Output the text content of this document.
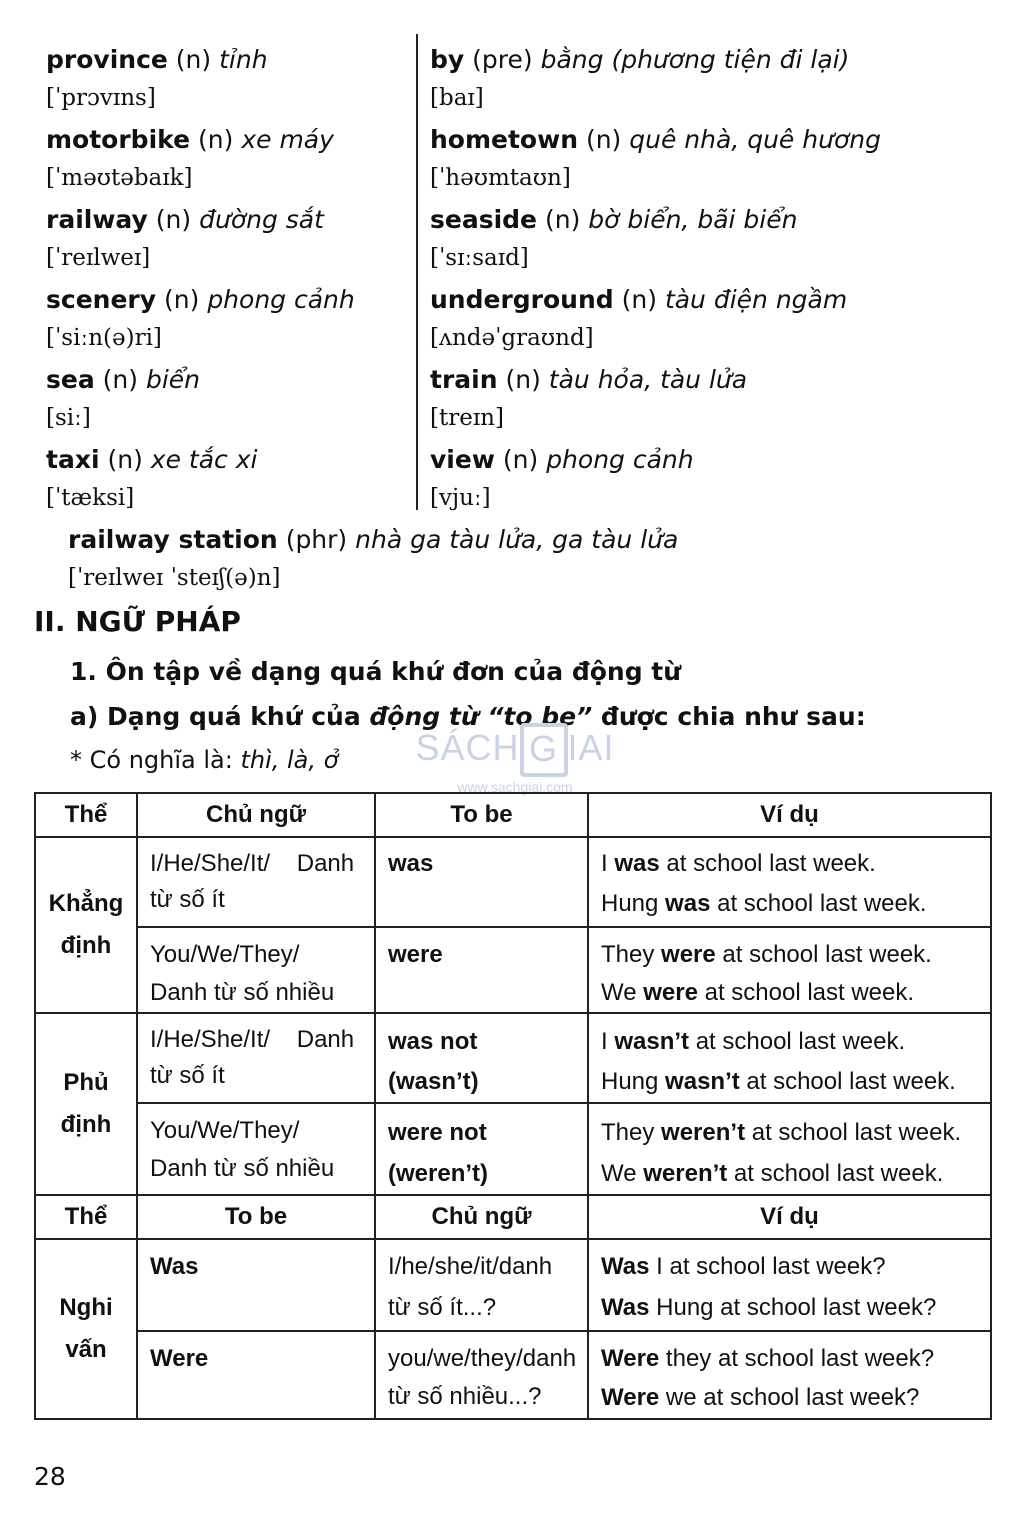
province (n) tỉnh
[ˈprɔvɪns]
motorbike (n) xe máy
[ˈməʊtəbaɪk]
railway (n) đường sắt
[ˈreɪlweɪ]
scenery (n) phong cảnh
[ˈsiːn(ə)ri]
sea (n) biển
[siː]
taxi (n) xe tắc xi
[ˈtæksi]
by (pre) bằng (phương tiện đi lại)
[baɪ]
hometown (n) quê nhà, quê hương
[ˈhəʊmtaʊn]
seaside (n) bờ biển, bãi biển
[ˈsɪːsaɪd]
underground (n) tàu điện ngầm
[ʌndəˈgraʊnd]
train (n) tàu hỏa, tàu lửa
[treɪn]
view (n) phong cảnh
[vjuː]
railway station (phr) nhà ga tàu lửa, ga tàu lửa
[ˈreɪlweɪ ˈsteɪʃ(ə)n]
II. NGỮ PHÁP
1. Ôn tập về dạng quá khứ đơn của động từ
a) Dạng quá khứ của động từ “to be” được chia như sau:
* Có nghĩa là: thì, là, ở SÁCH G IAI
www.sachgiai.com
Thể	Chủ ngữ	To be	Ví dụ

Khẳng
định	I/He/She/It/    Danh
từ số ít	was	I was at school last week.
Hung was at school last week.

	You/We/They/
Danh từ số nhiều	were	They were at school last week.
We were at school last week.

Phủ
định	I/He/She/It/    Danh
từ số ít	was not
(wasn’t)	I wasn’t at school last week.
Hung wasn’t at school last week.

	You/We/They/
Danh từ số nhiều	were not
(weren’t)	They weren’t at school last week.
We weren’t at school last week.

Thể	To be	Chủ ngữ	Ví dụ

Nghi
vấn	Was	I/he/she/it/danh
từ số ít...?	Was I at school last week?
Was Hung at school last week?

	Were	you/we/they/danh
từ số nhiều...?	Were they at school last week?
Were we at school last week?
28
